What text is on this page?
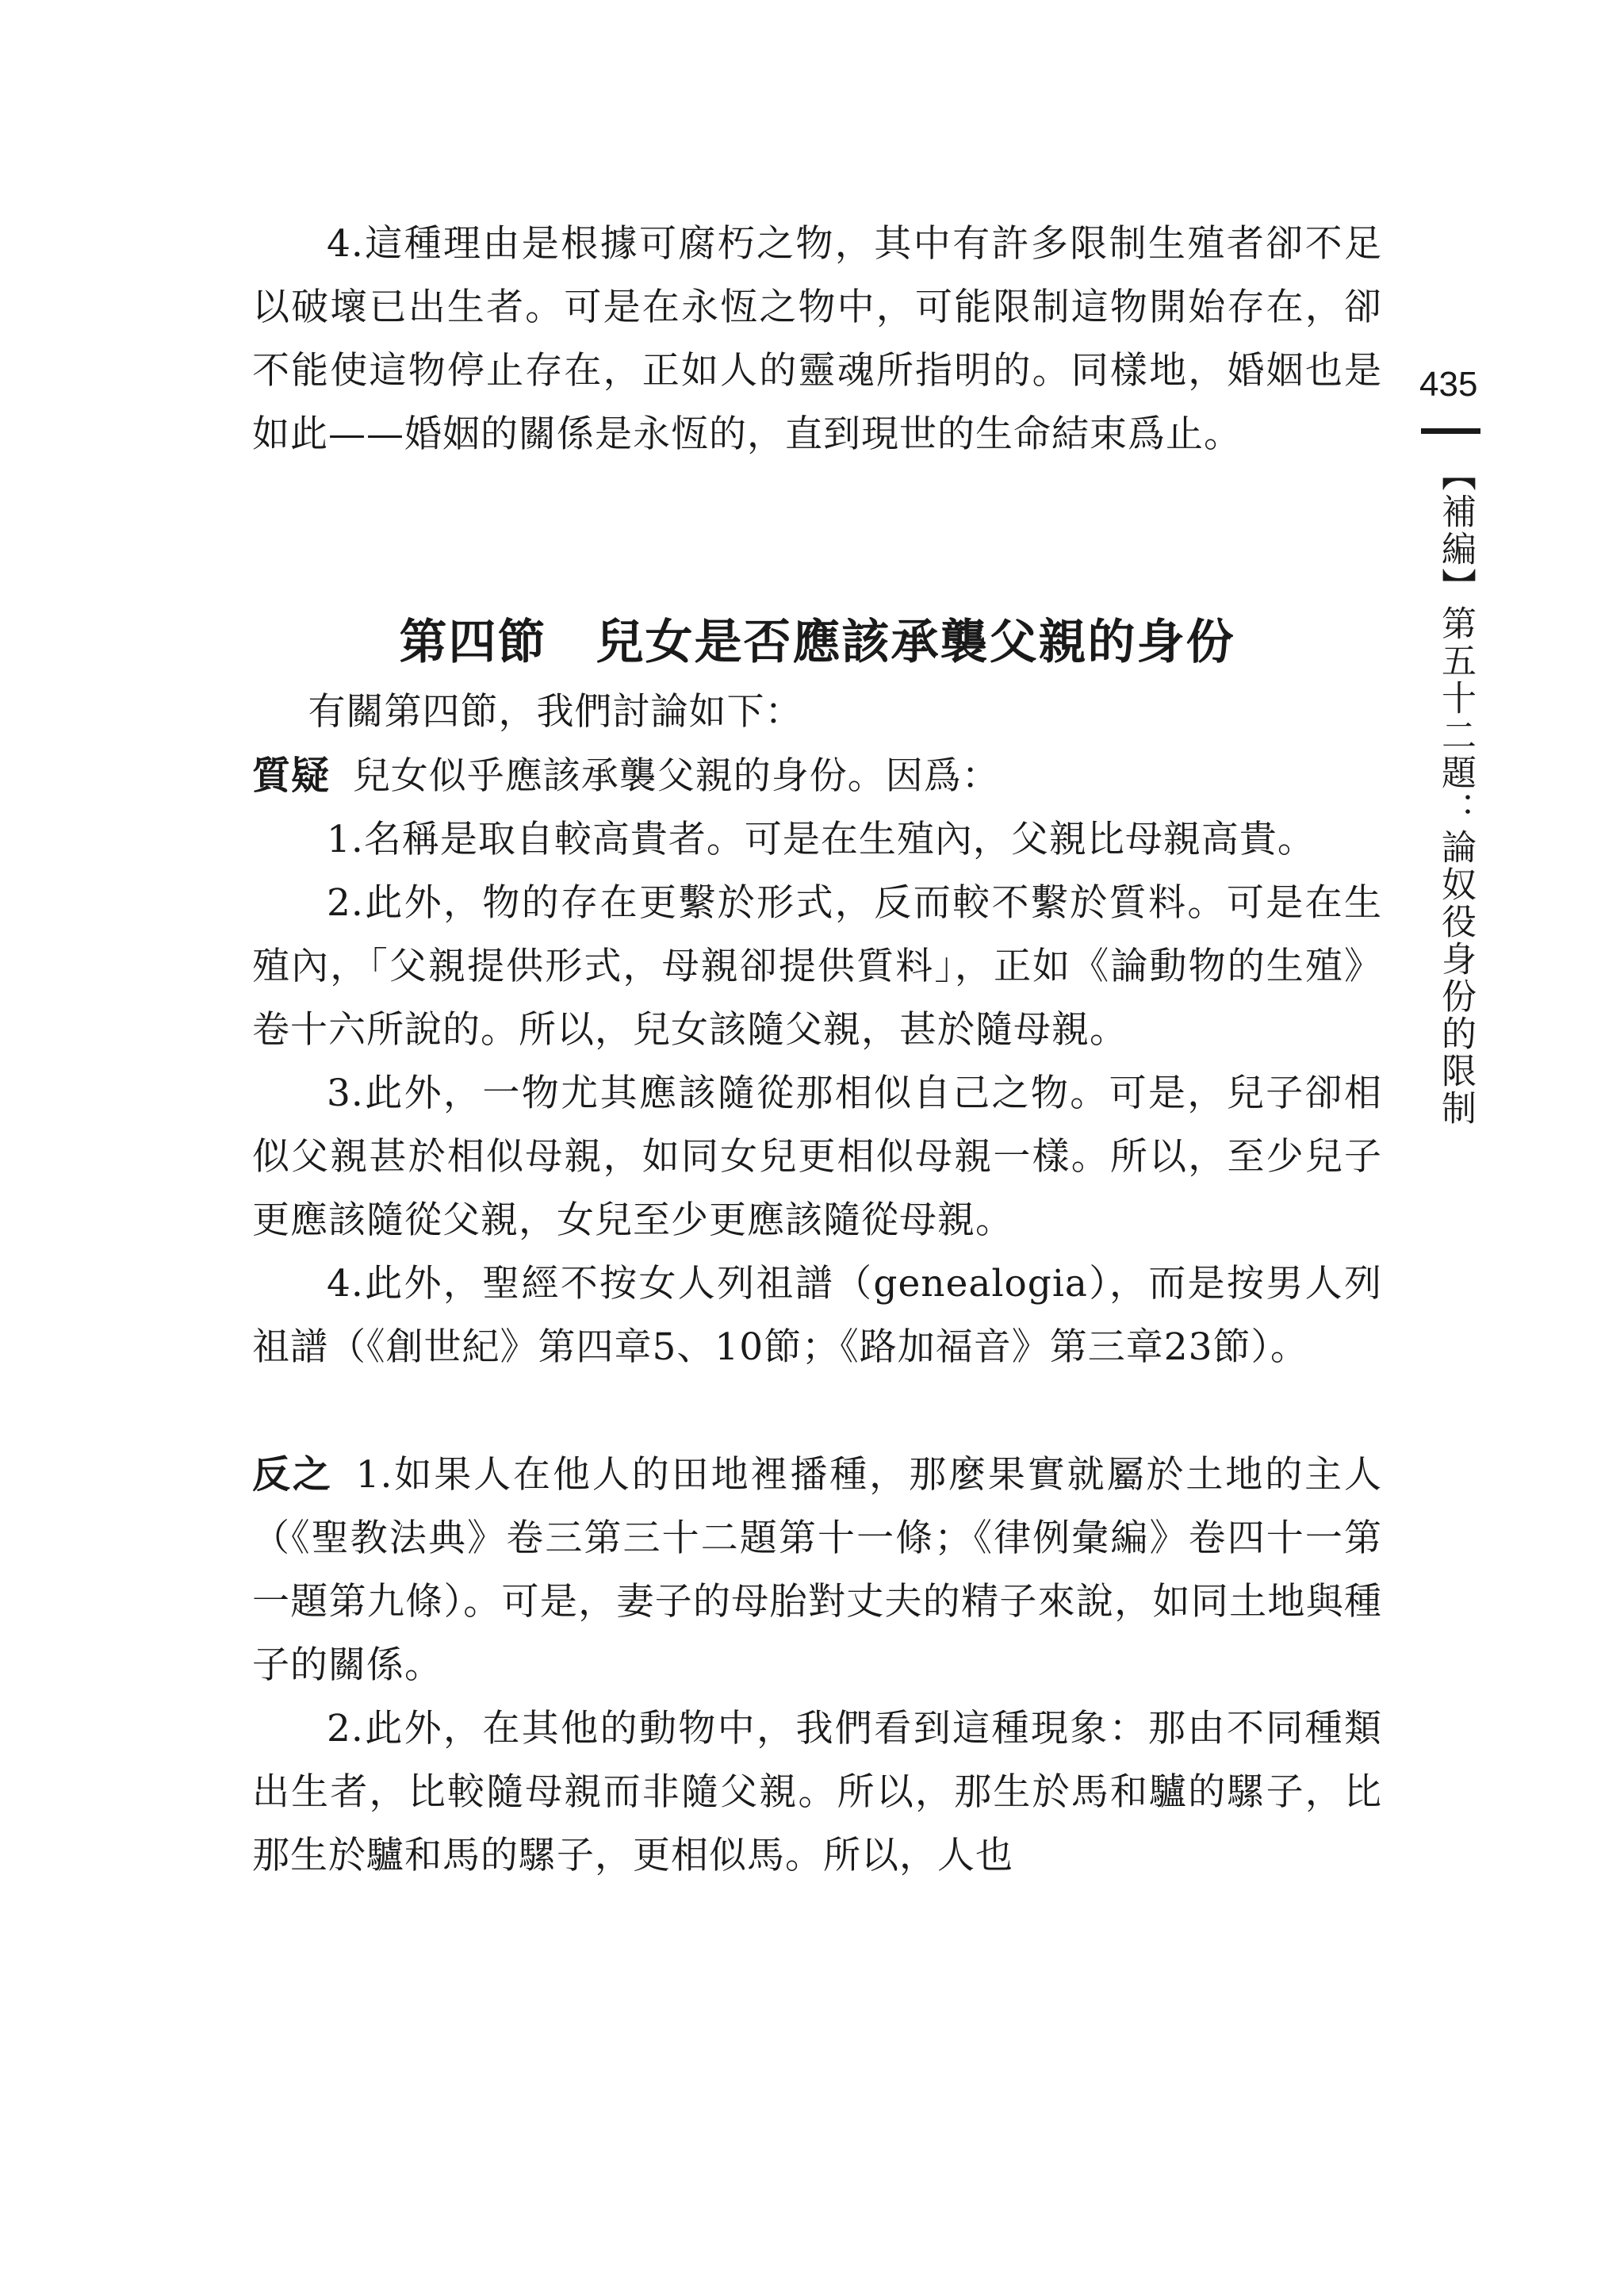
4.這種理由是根據可腐朽之物，其中有許多限制生殖者卻不足以破壞已出生者。可是在永恆之物中，可能限制這物開始存在，卻不能使這物停止存在，正如人的靈魂所指明的。同樣地，婚姻也是如此——婚姻的關係是永恆的，直到現世的生命結束爲止。

第四節　兒女是否應該承襲父親的身份

有關第四節，我們討論如下：

質疑 兒女似乎應該承襲父親的身份。因爲：

1.名稱是取自較高貴者。可是在生殖內，父親比母親高貴。

2.此外，物的存在更繫於形式，反而較不繫於質料。可是在生殖內，「父親提供形式，母親卻提供質料」，正如《論動物的生殖》卷十六所說的。所以，兒女該隨父親，甚於隨母親。

3.此外，一物尤其應該隨從那相似自己之物。可是，兒子卻相似父親甚於相似母親，如同女兒更相似母親一樣。所以，至少兒子更應該隨從父親，女兒至少更應該隨從母親。

4.此外，聖經不按女人列祖譜（genealogia），而是按男人列祖譜（《創世紀》第四章5、10節；《路加福音》第三章23節）。

反之 1.如果人在他人的田地裡播種，那麼果實就屬於土地的主人（《聖教法典》卷三第三十二題第十一條；《律例彙編》卷四十一第一題第九條）。可是，妻子的母胎對丈夫的精子來說，如同土地與種子的關係。

2.此外，在其他的動物中，我們看到這種現象：那由不同種類出生者，比較隨母親而非隨父親。所以，那生於馬和驢的騾子，比那生於驢和馬的騾子，更相似馬。所以，人也

435
【補編】第五十二題：論奴役身份的限制
